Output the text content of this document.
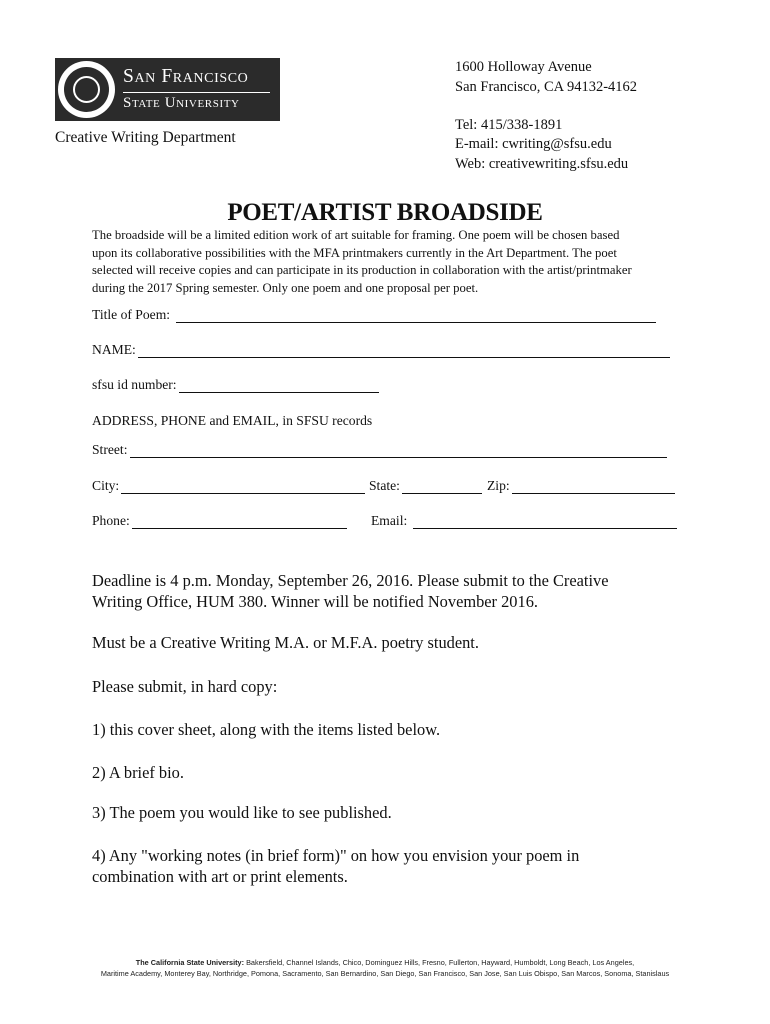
San Francisco
State University
Creative Writing Department
1600 Holloway Avenue
San Francisco, CA 94132-4162
Tel: 415/338-1891
E-mail: cwriting@sfsu.edu
Web: creativewriting.sfsu.edu
POET/ARTIST BROADSIDE
The broadside will be a limited edition work of art suitable for framing. One poem will be chosen based
upon its collaborative possibilities with the MFA printmakers currently in the Art Department. The poet
selected will receive copies and can participate in its production in collaboration with the artist/printmaker
during the 2017 Spring semester. Only one poem and one proposal per poet.
Title of Poem:
NAME:
sfsu id number:
ADDRESS, PHONE and EMAIL, in SFSU records
Street:
City:	State:	Zip:
Phone:	Email:
Deadline is 4 p.m. Monday, September 26, 2016. Please submit to the Creative
Writing Office, HUM 380. Winner will be notified November 2016.
Must be a Creative Writing M.A. or M.F.A. poetry student.
Please submit, in hard copy:
1) this cover sheet, along with the items listed below.
2) A brief bio.
3) The poem you would like to see published.
4) Any "working notes (in brief form)" on how you envision your poem in
combination with art or print elements.
The California State University: Bakersfield, Channel Islands, Chico, Dominguez Hills, Fresno, Fullerton, Hayward, Humboldt, Long Beach, Los Angeles,
Maritime Academy, Monterey Bay, Northridge, Pomona, Sacramento, San Bernardino, San Diego, San Francisco, San Jose, San Luis Obispo, San Marcos, Sonoma, Stanislaus
